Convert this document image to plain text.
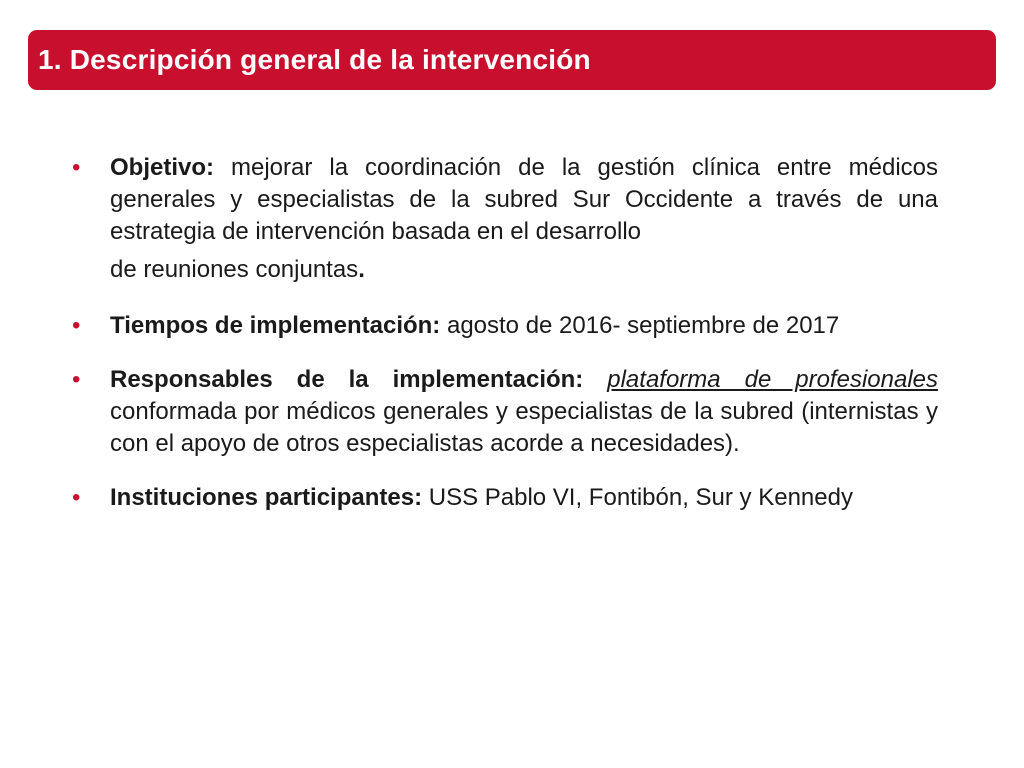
1. Descripción general de la intervención
•	Objetivo: mejorar la coordinación de la gestión clínica entre médicos generales y especialistas de la subred Sur Occidente a través de una estrategia de intervención basada en el desarrollo
de reuniones conjuntas.
•	Tiempos de implementación: agosto de 2016- septiembre de 2017
•	Responsables de la implementación: plataforma de profesionales conformada por médicos generales y especialistas de la subred (internistas y con el apoyo de otros especialistas acorde a necesidades).
•	Instituciones participantes: USS Pablo VI, Fontibón, Sur y Kennedy
